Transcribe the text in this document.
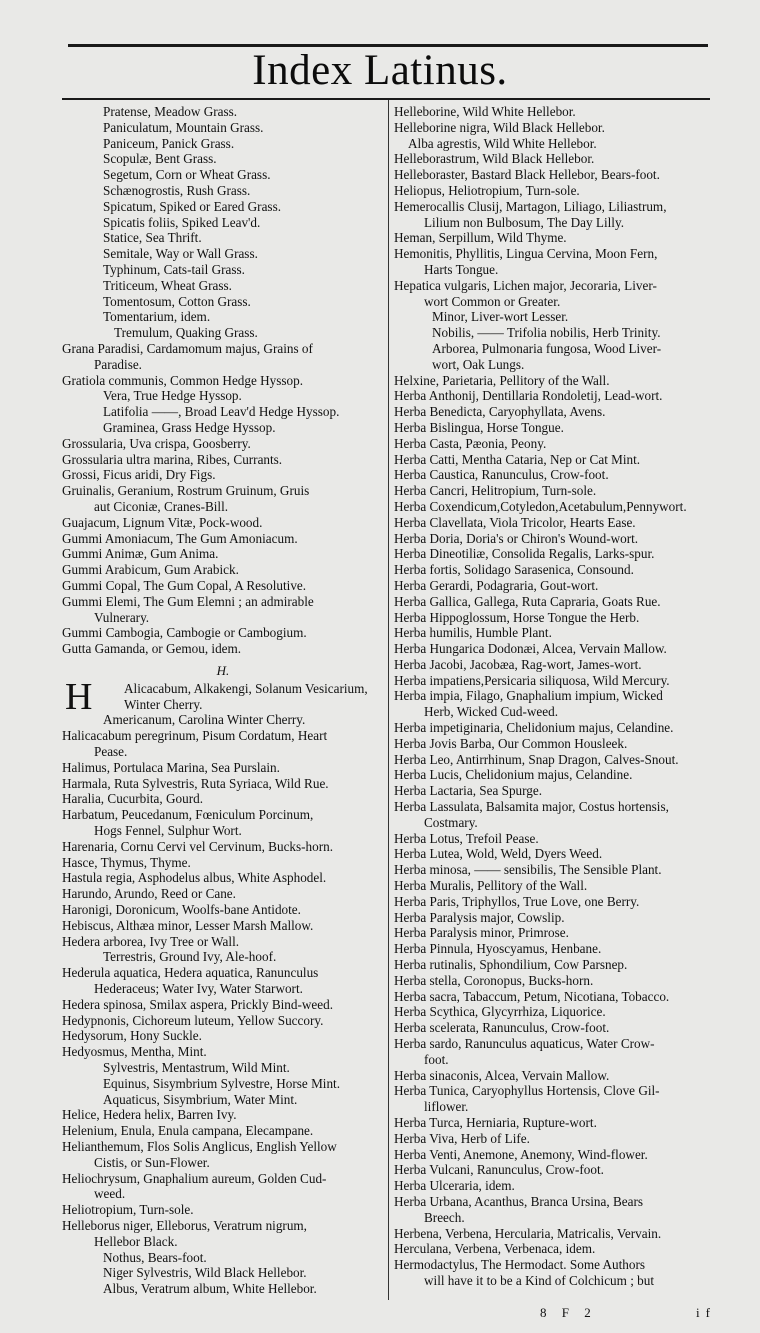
Index Latinus.
Pratense, Meadow Grass.
Paniculatum, Mountain Grass.
Paniceum, Panick Grass.
Scopulæ, Bent Grass.
Segetum, Corn or Wheat Grass.
Schænogrostis, Rush Grass.
Spicatum, Spiked or Eared Grass.
Spicatis foliis, Spiked Leav'd.
Statice, Sea Thrift.
Semitale, Way or Wall Grass.
Typhinum, Cats-tail Grass.
Triticeum, Wheat Grass.
Tomentosum, Cotton Grass.
Tomentarium, idem.
Tremulum, Quaking Grass.
Grana Paradisi, Cardamomum majus, Grains of
Paradise.
Gratiola communis, Common Hedge Hyssop.
Vera, True Hedge Hyssop.
Latifolia ——, Broad Leav'd Hedge Hyssop.
Graminea, Grass Hedge Hyssop.
Grossularia, Uva crispa, Goosberry.
Grossularia ultra marina, Ribes, Currants.
Grossi, Ficus aridi, Dry Figs.
Gruinalis, Geranium, Rostrum Gruinum, Gruis
aut Ciconiæ, Cranes-Bill.
Guajacum, Lignum Vitæ, Pock-wood.
Gummi Amoniacum, The Gum Amoniacum.
Gummi Animæ, Gum Anima.
Gummi Arabicum, Gum Arabick.
Gummi Copal, The Gum Copal, A Resolutive.
Gummi Elemi, The Gum Elemni ; an admirable
Vulnerary.
Gummi Cambogia, Cambogie or Cambogium.
Gutta Gamanda, or Gemou, idem.
H.
H Alicacabum, Alkakengi, Solanum Vesicarium,
Winter Cherry.
Americanum, Carolina Winter Cherry.
Halicacabum peregrinum, Pisum Cordatum, Heart
Pease.
Halimus, Portulaca Marina, Sea Purslain.
Harmala, Ruta Sylvestris, Ruta Syriaca, Wild Rue.
Haralia, Cucurbita, Gourd.
Harbatum, Peucedanum, Fœniculum Porcinum,
Hogs Fennel, Sulphur Wort.
Harenaria, Cornu Cervi vel Cervinum, Bucks-horn.
Hasce, Thymus, Thyme.
Hastula regia, Asphodelus albus, White Asphodel.
Harundo, Arundo, Reed or Cane.
Haronigi, Doronicum, Woolfs-bane Antidote.
Hebiscus, Althæa minor, Lesser Marsh Mallow.
Hedera arborea, Ivy Tree or Wall.
Terrestris, Ground Ivy, Ale-hoof.
Hederula aquatica, Hedera aquatica, Ranunculus
Hederaceus; Water Ivy, Water Starwort.
Hedera spinosa, Smilax aspera, Prickly Bind-weed.
Hedypnonis, Cichoreum luteum, Yellow Succory.
Hedysorum, Hony Suckle.
Hedyosmus, Mentha, Mint.
Sylvestris, Mentastrum, Wild Mint.
Equinus, Sisymbrium Sylvestre, Horse Mint.
Aquaticus, Sisymbrium, Water Mint.
Helice, Hedera helix, Barren Ivy.
Helenium, Enula, Enula campana, Elecampane.
Helianthemum, Flos Solis Anglicus, English Yellow
Cistis, or Sun-Flower.
Heliochrysum, Gnaphalium aureum, Golden Cud-
weed.
Heliotropium, Turn-sole.
Helleborus niger, Elleborus, Veratrum nigrum,
Hellebor Black.
Nothus, Bears-foot.
Niger Sylvestris, Wild Black Hellebor.
Albus, Veratrum album, White Hellebor.
Helleborine, Wild White Hellebor.
Helleborine nigra, Wild Black Hellebor.
Alba agrestis, Wild White Hellebor.
Helleborastrum, Wild Black Hellebor.
Helleboraster, Bastard Black Hellebor, Bears-foot.
Heliopus, Heliotropium, Turn-sole.
Hemerocallis Clusij, Martagon, Liliago, Liliastrum,
Lilium non Bulbosum, The Day Lilly.
Heman, Serpillum, Wild Thyme.
Hemonitis, Phyllitis, Lingua Cervina, Moon Fern,
Harts Tongue.
Hepatica vulgaris, Lichen major, Jecoraria, Liver-
wort Common or Greater.
Minor, Liver-wort Lesser.
Nobilis, —— Trifolia nobilis, Herb Trinity.
Arborea, Pulmonaria fungosa, Wood Liver-
wort, Oak Lungs.
Helxine, Parietaria, Pellitory of the Wall.
Herba Anthonij, Dentillaria Rondoletij, Lead-wort.
Herba Benedicta, Caryophyllata, Avens.
Herba Bislingua, Horse Tongue.
Herba Casta, Pæonia, Peony.
Herba Catti, Mentha Cataria, Nep or Cat Mint.
Herba Caustica, Ranunculus, Crow-foot.
Herba Cancri, Helitropium, Turn-sole.
Herba Coxendicum,Cotyledon,Acetabulum,Pennywort.
Herba Clavellata, Viola Tricolor, Hearts Ease.
Herba Doria, Doria's or Chiron's Wound-wort.
Herba Dineotiliæ, Consolida Regalis, Larks-spur.
Herba fortis, Solidago Sarasenica, Consound.
Herba Gerardi, Podagraria, Gout-wort.
Herba Gallica, Gallega, Ruta Capraria, Goats Rue.
Herba Hippoglossum, Horse Tongue the Herb.
Herba humilis, Humble Plant.
Herba Hungarica Dodonæi, Alcea, Vervain Mallow.
Herba Jacobi, Jacobæa, Rag-wort, James-wort.
Herba impatiens,Persicaria siliquosa, Wild Mercury.
Herba impia, Filago, Gnaphalium impium, Wicked
Herb, Wicked Cud-weed.
Herba impetiginaria, Chelidonium majus, Celandine.
Herba Jovis Barba, Our Common Housleek.
Herba Leo, Antirrhinum, Snap Dragon, Calves-Snout.
Herba Lucis, Chelidonium majus, Celandine.
Herba Lactaria, Sea Spurge.
Herba Lassulata, Balsamita major, Costus hortensis,
Costmary.
Herba Lotus, Trefoil Pease.
Herba Lutea, Wold, Weld, Dyers Weed.
Herba minosa, —— sensibilis, The Sensible Plant.
Herba Muralis, Pellitory of the Wall.
Herba Paris, Triphyllos, True Love, one Berry.
Herba Paralysis major, Cowslip.
Herba Paralysis minor, Primrose.
Herba Pinnula, Hyoscyamus, Henbane.
Herba rutinalis, Sphondilium, Cow Parsnep.
Herba stella, Coronopus, Bucks-horn.
Herba sacra, Tabaccum, Petum, Nicotiana, Tobacco.
Herba Scythica, Glycyrrhiza, Liquorice.
Herba scelerata, Ranunculus, Crow-foot.
Herba sardo, Ranunculus aquaticus, Water Crow-
foot.
Herba sinaconis, Alcea, Vervain Mallow.
Herba Tunica, Caryophyllus Hortensis, Clove Gil-
liflower.
Herba Turca, Herniaria, Rupture-wort.
Herba Viva, Herb of Life.
Herba Venti, Anemone, Anemony, Wind-flower.
Herba Vulcani, Ranunculus, Crow-foot.
Herba Ulceraria, idem.
Herba Urbana, Acanthus, Branca Ursina, Bears
Breech.
Herbena, Verbena, Hercularia, Matricalis, Vervain.
Herculana, Verbena, Verbenaca, idem.
Hermodactylus, The Hermodact. Some Authors
will have it to be a Kind of Colchicum ; but
8 F 2	if
